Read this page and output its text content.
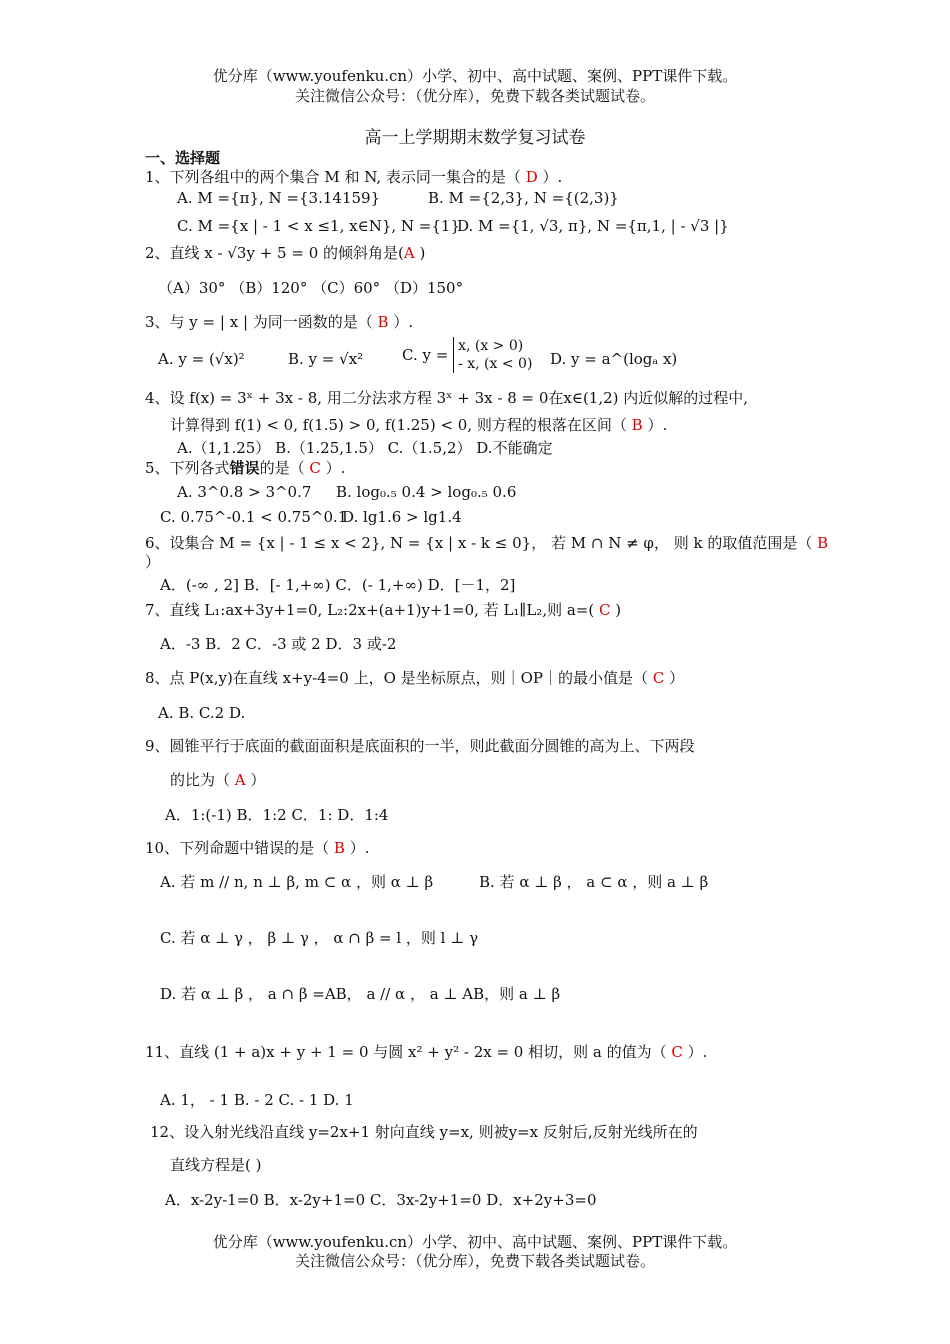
优分库（www.youfenku.cn）小学、初中、高中试题、案例、PPT课件下载。
关注微信公众号：（优分库），免费下载各类试题试卷。
高一上学期期末数学复习试卷
一、选择题
1、下列各组中的两个集合 M 和 N, 表示同一集合的是（ D ）.
A. M ={π}, N ={3.14159}	B. M ={2,3}, N ={(2,3)}
C. M ={x | - 1 < x ≤1, x∈N}, N ={1}
D. M ={1, √3, π}, N ={π,1, | - √3 |}
2、直线 x - √3y + 5 = 0 的倾斜角是(A )
（A）30° （B）120° （C）60° （D）150°
3、与 y = | x | 为同一函数的是（ B ）.
A. y = (√x)²	B. y = √x²	C. y = x, (x > 0)
- x, (x < 0) D. y = a^(logₐ x)
4、设 f(x) = 3ˣ + 3x - 8, 用二分法求方程 3ˣ + 3x - 8 = 0在x∈(1,2) 内近似解的过程中,
计算得到 f(1) < 0, f(1.5) > 0, f(1.25) < 0, 则方程的根落在区间（ B ）.
A.（1,1.25） B.（1.25,1.5） C.（1.5,2） D.不能确定
5、下列各式错误的是（ C ）.
A. 3^0.8 > 3^0.7 B. log₀.₅ 0.4 > log₀.₅ 0.6
C. 0.75^-0.1 < 0.75^0.1
D. lg1.6 > lg1.4
6、设集合 M = {x | - 1 ≤ x < 2}, N = {x | x - k ≤ 0}， 若 M ∩ N ≠ φ， 则 k 的取值范围是（ B
）
A．(-∞ , 2] B．[- 1,+∞) C．(- 1,+∞) D．[－1，2]
7、直线 L₁:ax+3y+1=0, L₂:2x+(a+1)y+1=0, 若 L₁∥L₂,则 a=( C )
A．-3 B．2 C．-3 或 2 D．3 或-2
8、点 P(x,y)在直线 x+y-4=0 上，O 是坐标原点，则｜OP｜的最小值是（ C ）
A. B. C.2 D.
9、圆锥平行于底面的截面面积是底面积的一半，则此截面分圆锥的高为上、下两段
的比为（ A ）
A．1:(-1) B．1:2 C．1: D．1:4
10、下列命题中错误的是（ B ）.
A. 若 m // n, n ⊥ β, m ⊂ α ，则 α ⊥ β	B. 若 α ⊥ β ， a ⊂ α ，则 a ⊥ β
C. 若 α ⊥ γ ， β ⊥ γ ， α ∩ β = l ，则 l ⊥ γ
D. 若 α ⊥ β ， a ∩ β =AB， a // α ， a ⊥ AB，则 a ⊥ β
11、直线 (1 + a)x + y + 1 = 0 与圆 x² + y² - 2x = 0 相切，则 a 的值为（ C ）.
A. 1， - 1 B. - 2 C. - 1 D. 1
12、设入射光线沿直线 y=2x+1 射向直线 y=x, 则被y=x 反射后,反射光线所在的
直线方程是( )
A．x-2y-1=0 B．x-2y+1=0 C．3x-2y+1=0 D．x+2y+3=0
优分库（www.youfenku.cn）小学、初中、高中试题、案例、PPT课件下载。
关注微信公众号：（优分库），免费下载各类试题试卷。
